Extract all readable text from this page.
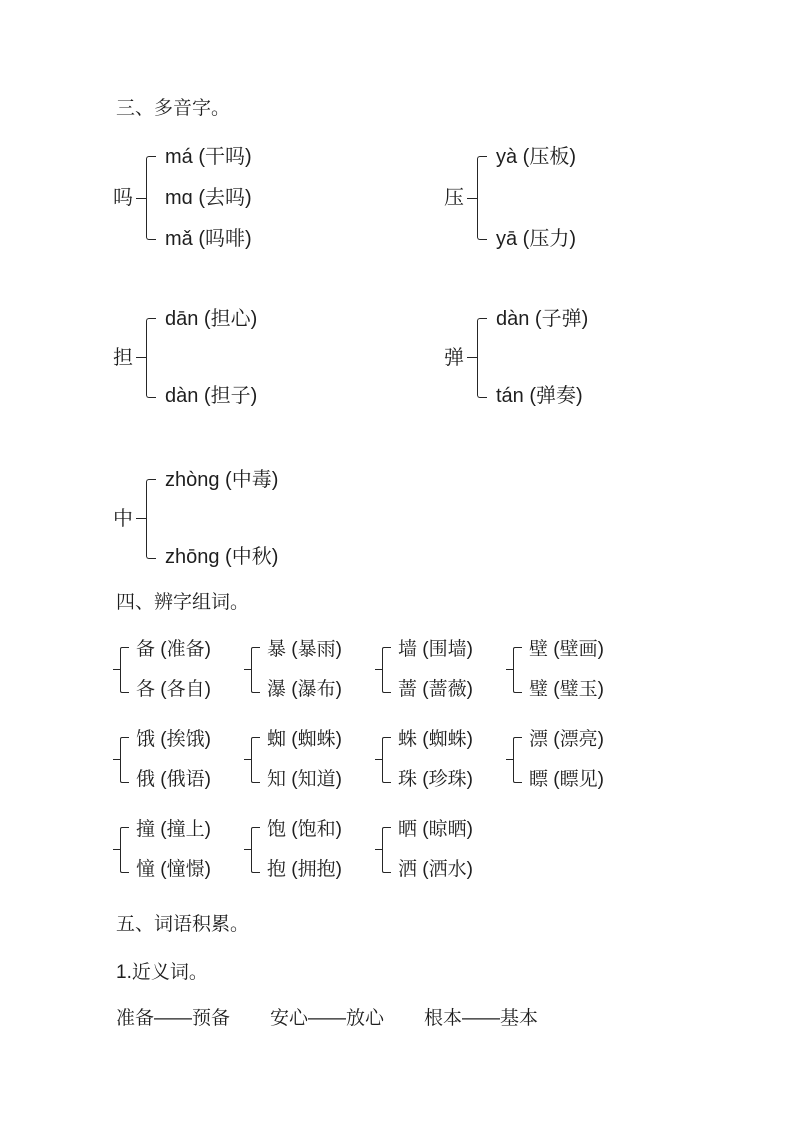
三、多音字。
吗
má (干吗)
mɑ (去吗)
mǎ (吗啡)
压
yà (压板)
yā (压力)
担
dān (担心)
dàn (担子)
弹
dàn (子弹)
tán (弹奏)
中
zhòng (中毒)
zhōng (中秋)
四、辨字组词。
备 (准备)
各 (各自)
暴 (暴雨)
瀑 (瀑布)
墙 (围墙)
蔷 (蔷薇)
壁 (壁画)
璧 (璧玉)
饿 (挨饿)
俄 (俄语)
蜘 (蜘蛛)
知 (知道)
蛛 (蜘蛛)
珠 (珍珠)
漂 (漂亮)
瞟 (瞟见)
撞 (撞上)
憧 (憧憬)
饱 (饱和)
抱 (拥抱)
晒 (晾晒)
洒 (洒水)
五、词语积累。
1.近义词。
准备——预备 安心——放心 根本——基本
